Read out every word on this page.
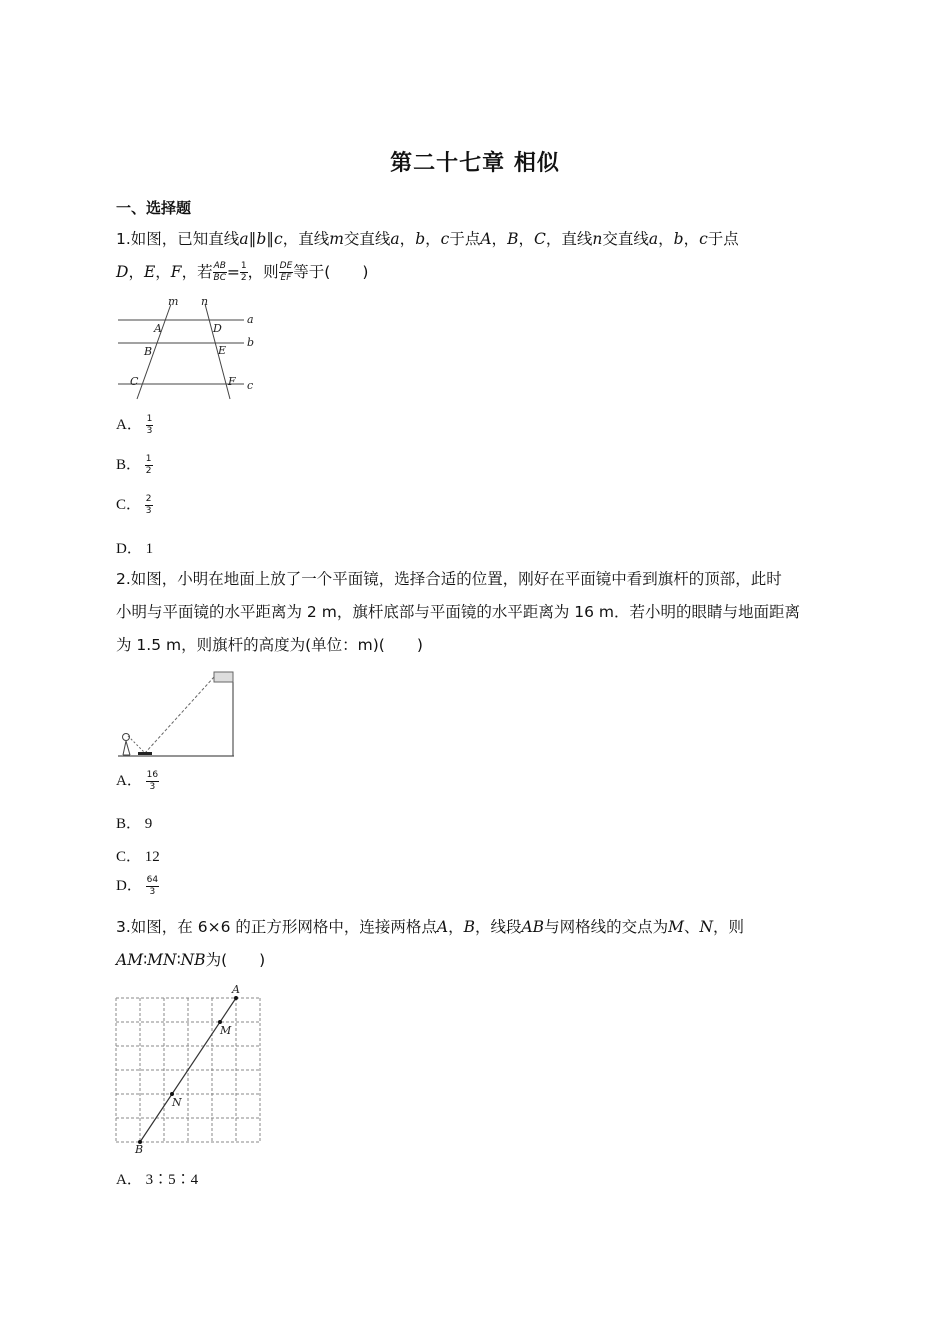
第二十七章 相似
一、选择题
1.如图，已知直线a∥b∥c，直线m交直线a，b，c于点A，B，C，直线n交直线a，b，c于点
D，E，F，若 $\frac{AB}{BC} = \frac{1}{2}$ ，则 $\frac{DE}{EF}$ 等于( )
m n
a
b
c
A
B
C
D
E
F
A． $\frac{1}{3}$
B． $\frac{1}{2}$
C． $\frac{2}{3}$
D． 1
2.如图，小明在地面上放了一个平面镜，选择合适的位置，刚好在平面镜中看到旗杆的顶部，此时
小明与平面镜的水平距离为 2 m，旗杆底部与平面镜的水平距离为 16 m．若小明的眼睛与地面距离
为 1.5 m，则旗杆的高度为(单位：m)( )
A． $\frac{16}{3}$
B． 9
C． 12
D． $\frac{64}{3}$
3.如图，在 6×6 的正方形网格中，连接两格点A，B，线段AB与网格线的交点为M、N，则
AM∶MN∶NB为( )
A
B
M
N
A． 3∶5∶4
